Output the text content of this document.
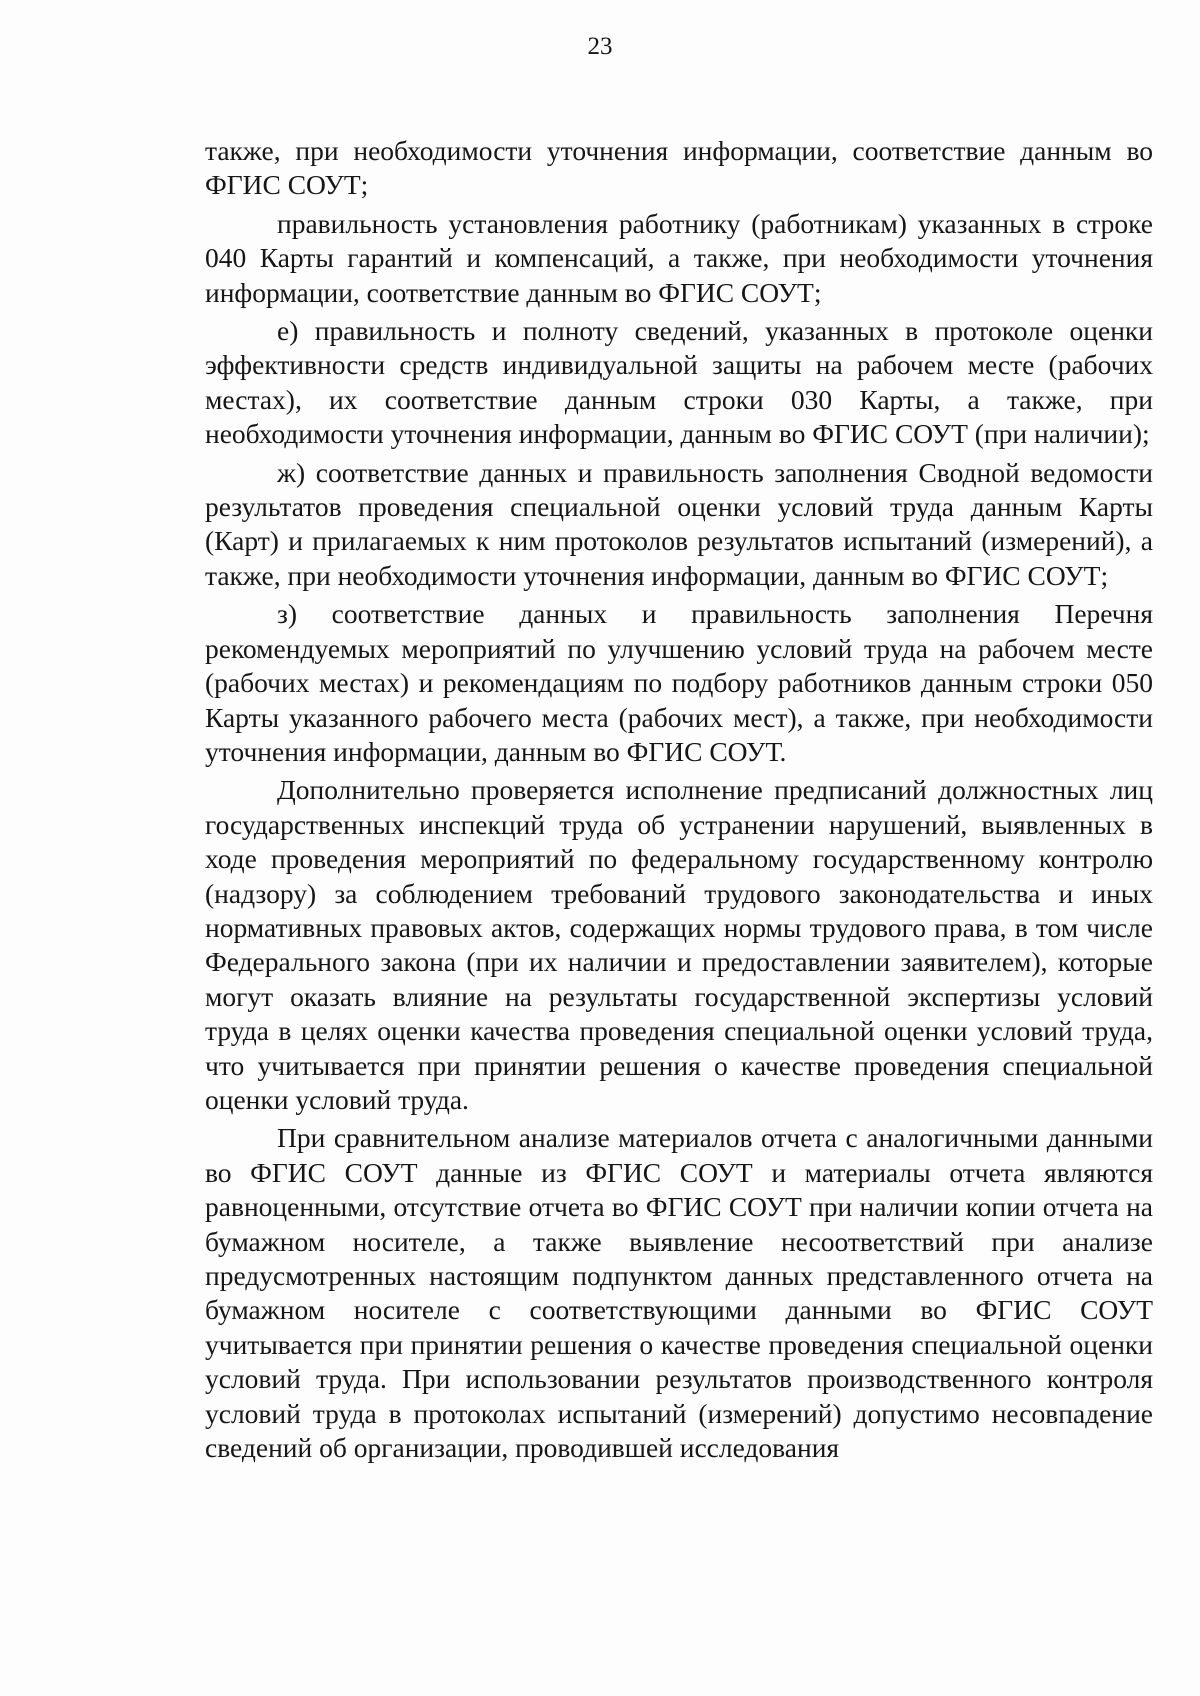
23

также, при необходимости уточнения информации, соответствие данным во ФГИС СОУТ;

правильность установления работнику (работникам) указанных в строке 040 Карты гарантий и компенсаций, а также, при необходимости уточнения информации, соответствие данным во ФГИС СОУТ;

е) правильность и полноту сведений, указанных в протоколе оценки эффективности средств индивидуальной защиты на рабочем месте (рабочих местах), их соответствие данным строки 030 Карты, а также, при необходимости уточнения информации, данным во ФГИС СОУТ (при наличии);

ж) соответствие данных и правильность заполнения Сводной ведомости результатов проведения специальной оценки условий труда данным Карты (Карт) и прилагаемых к ним протоколов результатов испытаний (измерений), а также, при необходимости уточнения информации, данным во ФГИС СОУТ;

з) соответствие данных и правильность заполнения Перечня рекомендуемых мероприятий по улучшению условий труда на рабочем месте (рабочих местах) и рекомендациям по подбору работников данным строки 050 Карты указанного рабочего места (рабочих мест), а также, при необходимости уточнения информации, данным во ФГИС СОУТ.

Дополнительно проверяется исполнение предписаний должностных лиц государственных инспекций труда об устранении нарушений, выявленных в ходе проведения мероприятий по федеральному государственному контролю (надзору) за соблюдением требований трудового законодательства и иных нормативных правовых актов, содержащих нормы трудового права, в том числе Федерального закона (при их наличии и предоставлении заявителем), которые могут оказать влияние на результаты государственной экспертизы условий труда в целях оценки качества проведения специальной оценки условий труда, что учитывается при принятии решения о качестве проведения специальной оценки условий труда.

При сравнительном анализе материалов отчета с аналогичными данными во ФГИС СОУТ данные из ФГИС СОУТ и материалы отчета являются равноценными, отсутствие отчета во ФГИС СОУТ при наличии копии отчета на бумажном носителе, а также выявление несоответствий при анализе предусмотренных настоящим подпунктом данных представленного отчета на бумажном носителе с соответствующими данными во ФГИС СОУТ учитывается при принятии решения о качестве проведения специальной оценки условий труда. При использовании результатов производственного контроля условий труда в протоколах испытаний (измерений) допустимо несовпадение сведений об организации, проводившей исследования
